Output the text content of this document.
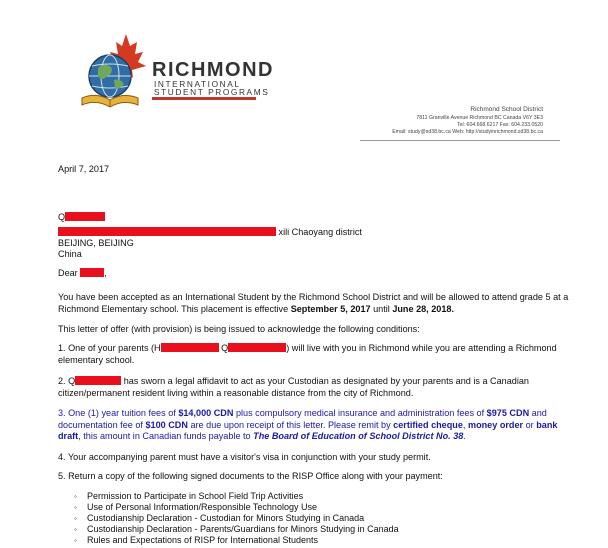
RICHMOND
INTERNATIONAL
STUDENT PROGRAMS
Richmond School District
7811 Granville Avenue Richmond BC Canada V6Y 3E3
Tel: 604.668.6217 Fax: 604.233.0520
Email: study@sd38.bc.ca Web: http://studyinrichmond.sd38.bc.ca
April 7, 2017
Q
xili Chaoyang district
BEIJING, BEIJING
China
Dear	,
You have been accepted as an International Student by the Richmond School District and will be allowed to attend grade 5 at a Richmond Elementary school. This placement is effective September 5, 2017 until June 28, 2018.
This letter of offer (with provision) is being issued to acknowledge the following conditions:
1. One of your parents (H	Q	) will live with you in Richmond while you are attending a Richmond elementary school.
2. Q	has sworn a legal affidavit to act as your Custodian as designated by your parents and is a Canadian citizen/permanent resident living within a reasonable distance from the city of Richmond.
3. One (1) year tuition fees of $14,000 CDN plus compulsory medical insurance and administration fees of $975 CDN and documentation fee of $100 CDN are due upon receipt of this letter. Please remit by certified cheque, money order or bank draft, this amount in Canadian funds payable to The Board of Education of School District No. 38.
4. Your accompanying parent must have a visitor's visa in conjunction with your study permit.
5. Return a copy of the following signed documents to the RISP Office along with your payment:
◦ Permission to Participate in School Field Trip Activities
◦ Use of Personal Information/Responsible Technology Use
◦ Custodianship Declaration - Custodian for Minors Studying in Canada
◦ Custodianship Declaration - Parents/Guardians for Minors Studying in Canada
◦ Rules and Expectations of RISP for International Students
